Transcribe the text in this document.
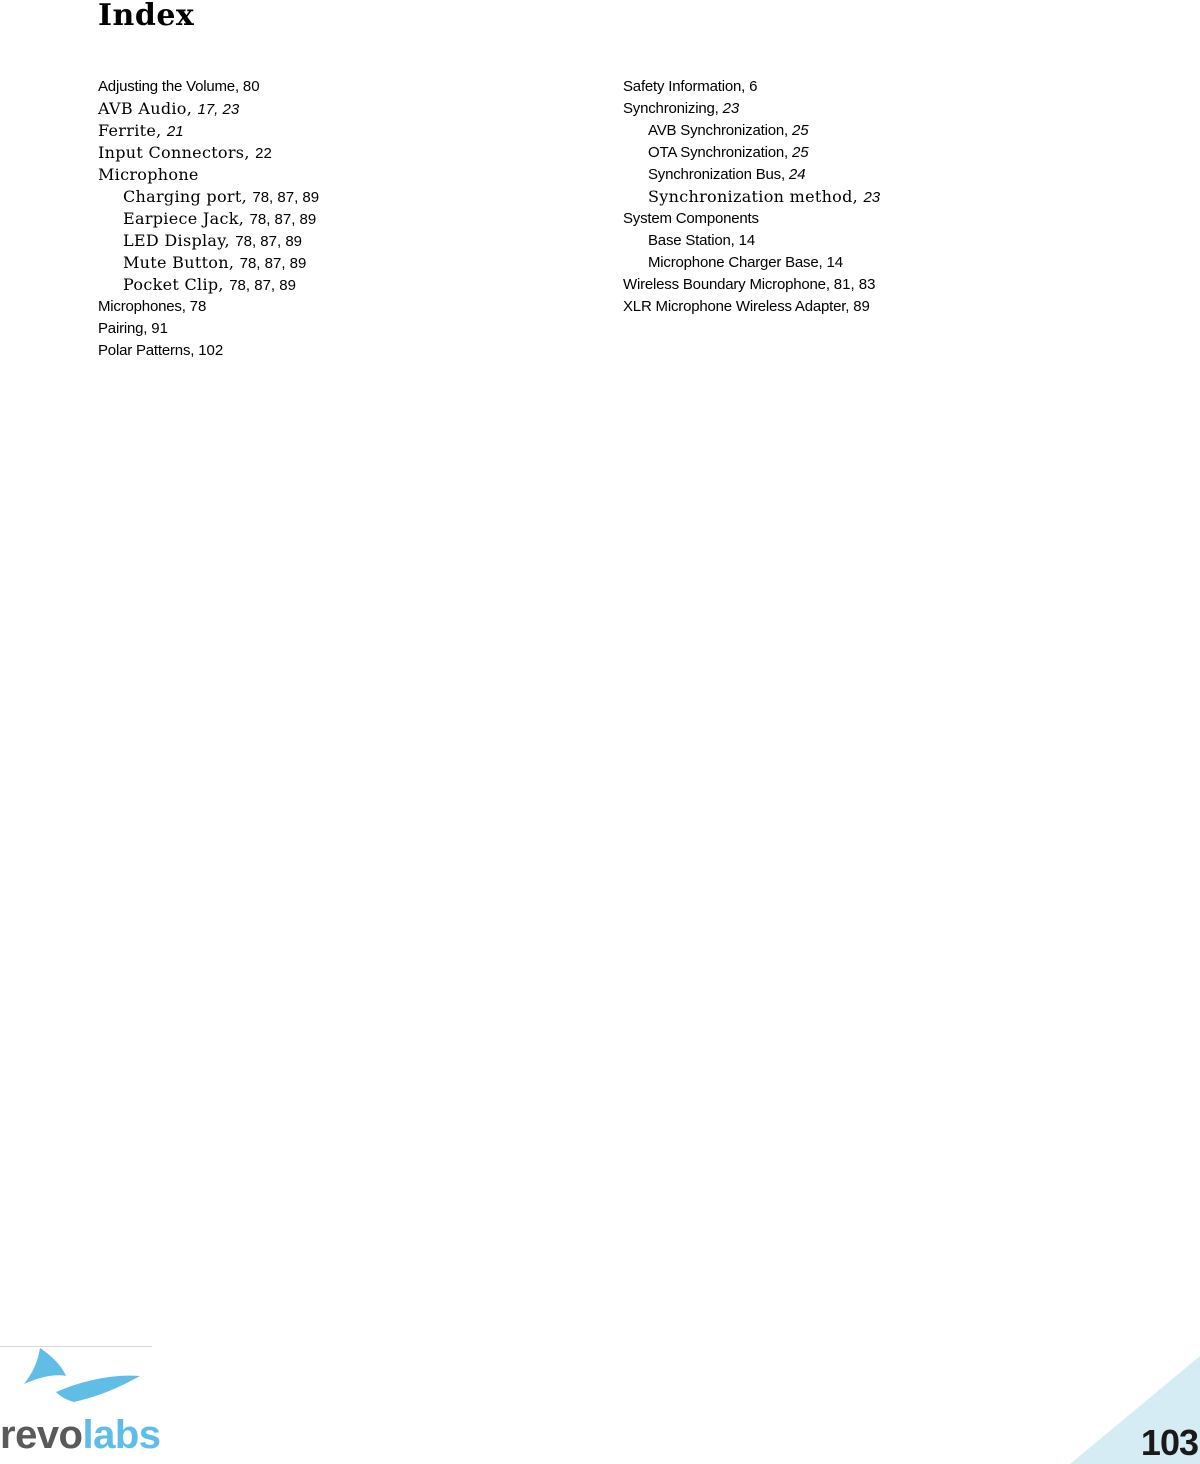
Index
Adjusting the Volume, 80
AVB Audio, 17, 23
Ferrite, 21
Input Connectors, 22
Microphone
Charging port, 78, 87, 89
Earpiece Jack, 78, 87, 89
LED Display, 78, 87, 89
Mute Button, 78, 87, 89
Pocket Clip, 78, 87, 89
Microphones, 78
Pairing, 91
Polar Patterns, 102
Safety Information, 6
Synchronizing, 23
AVB Synchronization, 25
OTA Synchronization, 25
Synchronization Bus, 24
Synchronization method, 23
System Components
Base Station, 14
Microphone Charger Base, 14
Wireless Boundary Microphone, 81, 83
XLR Microphone Wireless Adapter, 89
revolabs	103
